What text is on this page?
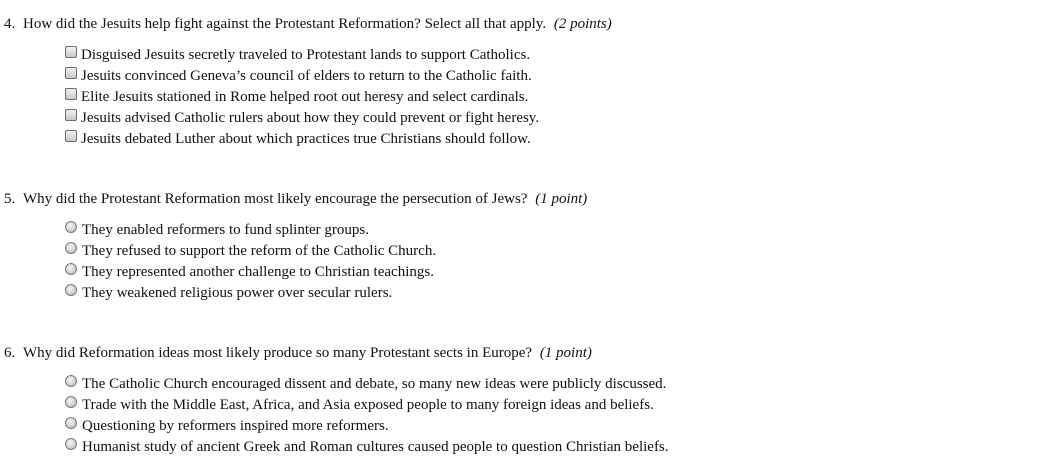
4. How did the Jesuits help fight against the Protestant Reformation? Select all that apply. (2 points)
Disguised Jesuits secretly traveled to Protestant lands to support Catholics.
Jesuits convinced Geneva’s council of elders to return to the Catholic faith.
Elite Jesuits stationed in Rome helped root out heresy and select cardinals.
Jesuits advised Catholic rulers about how they could prevent or fight heresy.
Jesuits debated Luther about which practices true Christians should follow.
5. Why did the Protestant Reformation most likely encourage the persecution of Jews? (1 point)
They enabled reformers to fund splinter groups.
They refused to support the reform of the Catholic Church.
They represented another challenge to Christian teachings.
They weakened religious power over secular rulers.
6. Why did Reformation ideas most likely produce so many Protestant sects in Europe? (1 point)
The Catholic Church encouraged dissent and debate, so many new ideas were publicly discussed.
Trade with the Middle East, Africa, and Asia exposed people to many foreign ideas and beliefs.
Questioning by reformers inspired more reformers.
Humanist study of ancient Greek and Roman cultures caused people to question Christian beliefs.
